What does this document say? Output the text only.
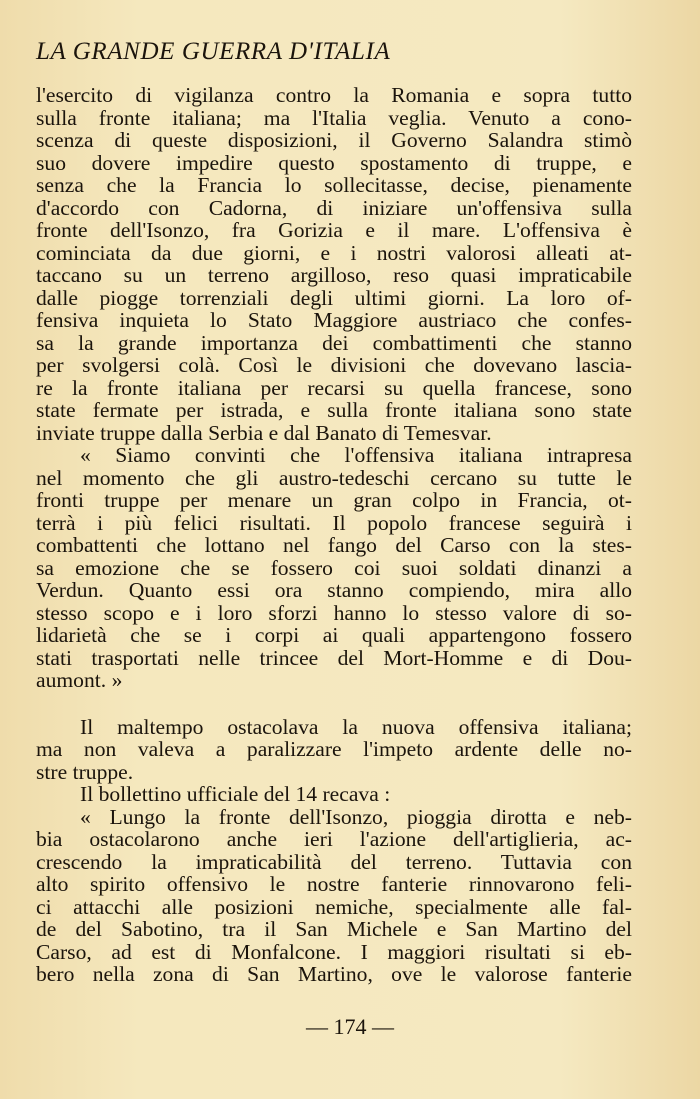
LA GRANDE GUERRA D'ITALIA
l'esercito di vigilanza contro la Romania e sopra tutto
sulla fronte italiana; ma l'Italia veglia. Venuto a cono-
scenza di queste disposizioni, il Governo Salandra stimò
suo dovere impedire questo spostamento di truppe, e
senza che la Francia lo sollecitasse, decise, pienamente
d'accordo con Cadorna, di iniziare un'offensiva sulla
fronte dell'Isonzo, fra Gorizia e il mare. L'offensiva è
cominciata da due giorni, e i nostri valorosi alleati at-
taccano su un terreno argilloso, reso quasi impraticabile
dalle piogge torrenziali degli ultimi giorni. La loro of-
fensiva inquieta lo Stato Maggiore austriaco che confes-
sa la grande importanza dei combattimenti che stanno
per svolgersi colà. Così le divisioni che dovevano lascia-
re la fronte italiana per recarsi su quella francese, sono
state fermate per istrada, e sulla fronte italiana sono state
inviate truppe dalla Serbia e dal Banato di Temesvar.
« Siamo convinti che l'offensiva italiana intrapresa
nel momento che gli austro-tedeschi cercano su tutte le
fronti truppe per menare un gran colpo in Francia, ot-
terrà i più felici risultati. Il popolo francese seguirà i
combattenti che lottano nel fango del Carso con la stes-
sa emozione che se fossero coi suoi soldati dinanzi a
Verdun. Quanto essi ora stanno compiendo, mira allo
stesso scopo e i loro sforzi hanno lo stesso valore di so-
lidarietà che se i corpi ai quali appartengono fossero
stati trasportati nelle trincee del Mort-Homme e di Dou-
aumont. »
Il maltempo ostacolava la nuova offensiva italiana;
ma non valeva a paralizzare l'impeto ardente delle no-
stre truppe.
Il bollettino ufficiale del 14 recava :
« Lungo la fronte dell'Isonzo, pioggia dirotta e neb-
bia ostacolarono anche ieri l'azione dell'artiglieria, ac-
crescendo la impraticabilità del terreno. Tuttavia con
alto spirito offensivo le nostre fanterie rinnovarono feli-
ci attacchi alle posizioni nemiche, specialmente alle fal-
de del Sabotino, tra il San Michele e San Martino del
Carso, ad est di Monfalcone. I maggiori risultati si eb-
bero nella zona di San Martino, ove le valorose fanterie
— 174 —
